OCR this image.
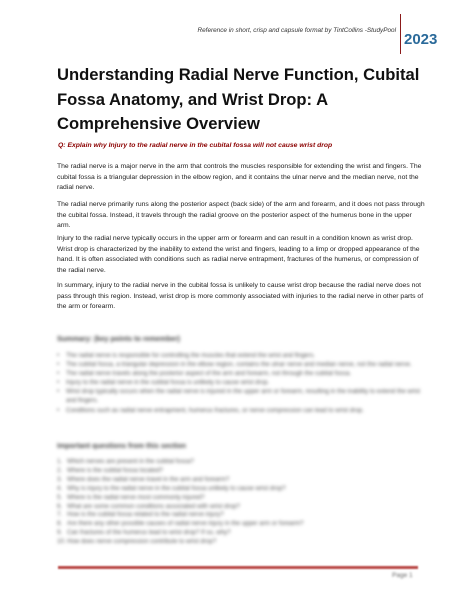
Reference in short, crisp and capsule format by TintCollins -StudyPool
2023
Understanding Radial Nerve Function, Cubital Fossa Anatomy, and Wrist Drop: A Comprehensive Overview
Q: Explain why Injury to the radial nerve in the cubital fossa will not cause wrist drop
The radial nerve is a major nerve in the arm that controls the muscles responsible for extending the wrist and fingers. The cubital fossa is a triangular depression in the elbow region, and it contains the ulnar nerve and the median nerve, not the radial nerve.
The radial nerve primarily runs along the posterior aspect (back side) of the arm and forearm, and it does not pass through the cubital fossa. Instead, it travels through the radial groove on the posterior aspect of the humerus bone in the upper arm.
Injury to the radial nerve typically occurs in the upper arm or forearm and can result in a condition known as wrist drop. Wrist drop is characterized by the inability to extend the wrist and fingers, leading to a limp or dropped appearance of the hand. It is often associated with conditions such as radial nerve entrapment, fractures of the humerus, or compression of the radial nerve.
In summary, injury to the radial nerve in the cubital fossa is unlikely to cause wrist drop because the radial nerve does not pass through this region. Instead, wrist drop is more commonly associated with injuries to the radial nerve in other parts of the arm or forearm.
Summary: (key points to remember)
• The radial nerve is responsible for controlling the muscles that extend the wrist and fingers.
• The cubital fossa, a triangular depression in the elbow region, contains the ulnar nerve and median nerve, not the radial nerve.
• The radial nerve travels along the posterior aspect of the arm and forearm, not through the cubital fossa.
• Injury to the radial nerve in the cubital fossa is unlikely to cause wrist drop.
• Wrist drop typically occurs when the radial nerve is injured in the upper arm or forearm, resulting in the inability to extend the wrist and fingers.
• Conditions such as radial nerve entrapment, humerus fractures, or nerve compression can lead to wrist drop.
Important questions from this section
Which nerves are present in the cubital fossa?
Where is the cubital fossa located?
Where does the radial nerve travel in the arm and forearm?
Why is injury to the radial nerve in the cubital fossa unlikely to cause wrist drop?
Where is the radial nerve most commonly injured?
What are some common conditions associated with wrist drop?
How is the cubital fossa related to the radial nerve injury?
Are there any other possible causes of radial nerve injury in the upper arm or forearm?
Can fractures of the humerus lead to wrist drop? If so, why?
How does nerve compression contribute to wrist drop?
Page 1
